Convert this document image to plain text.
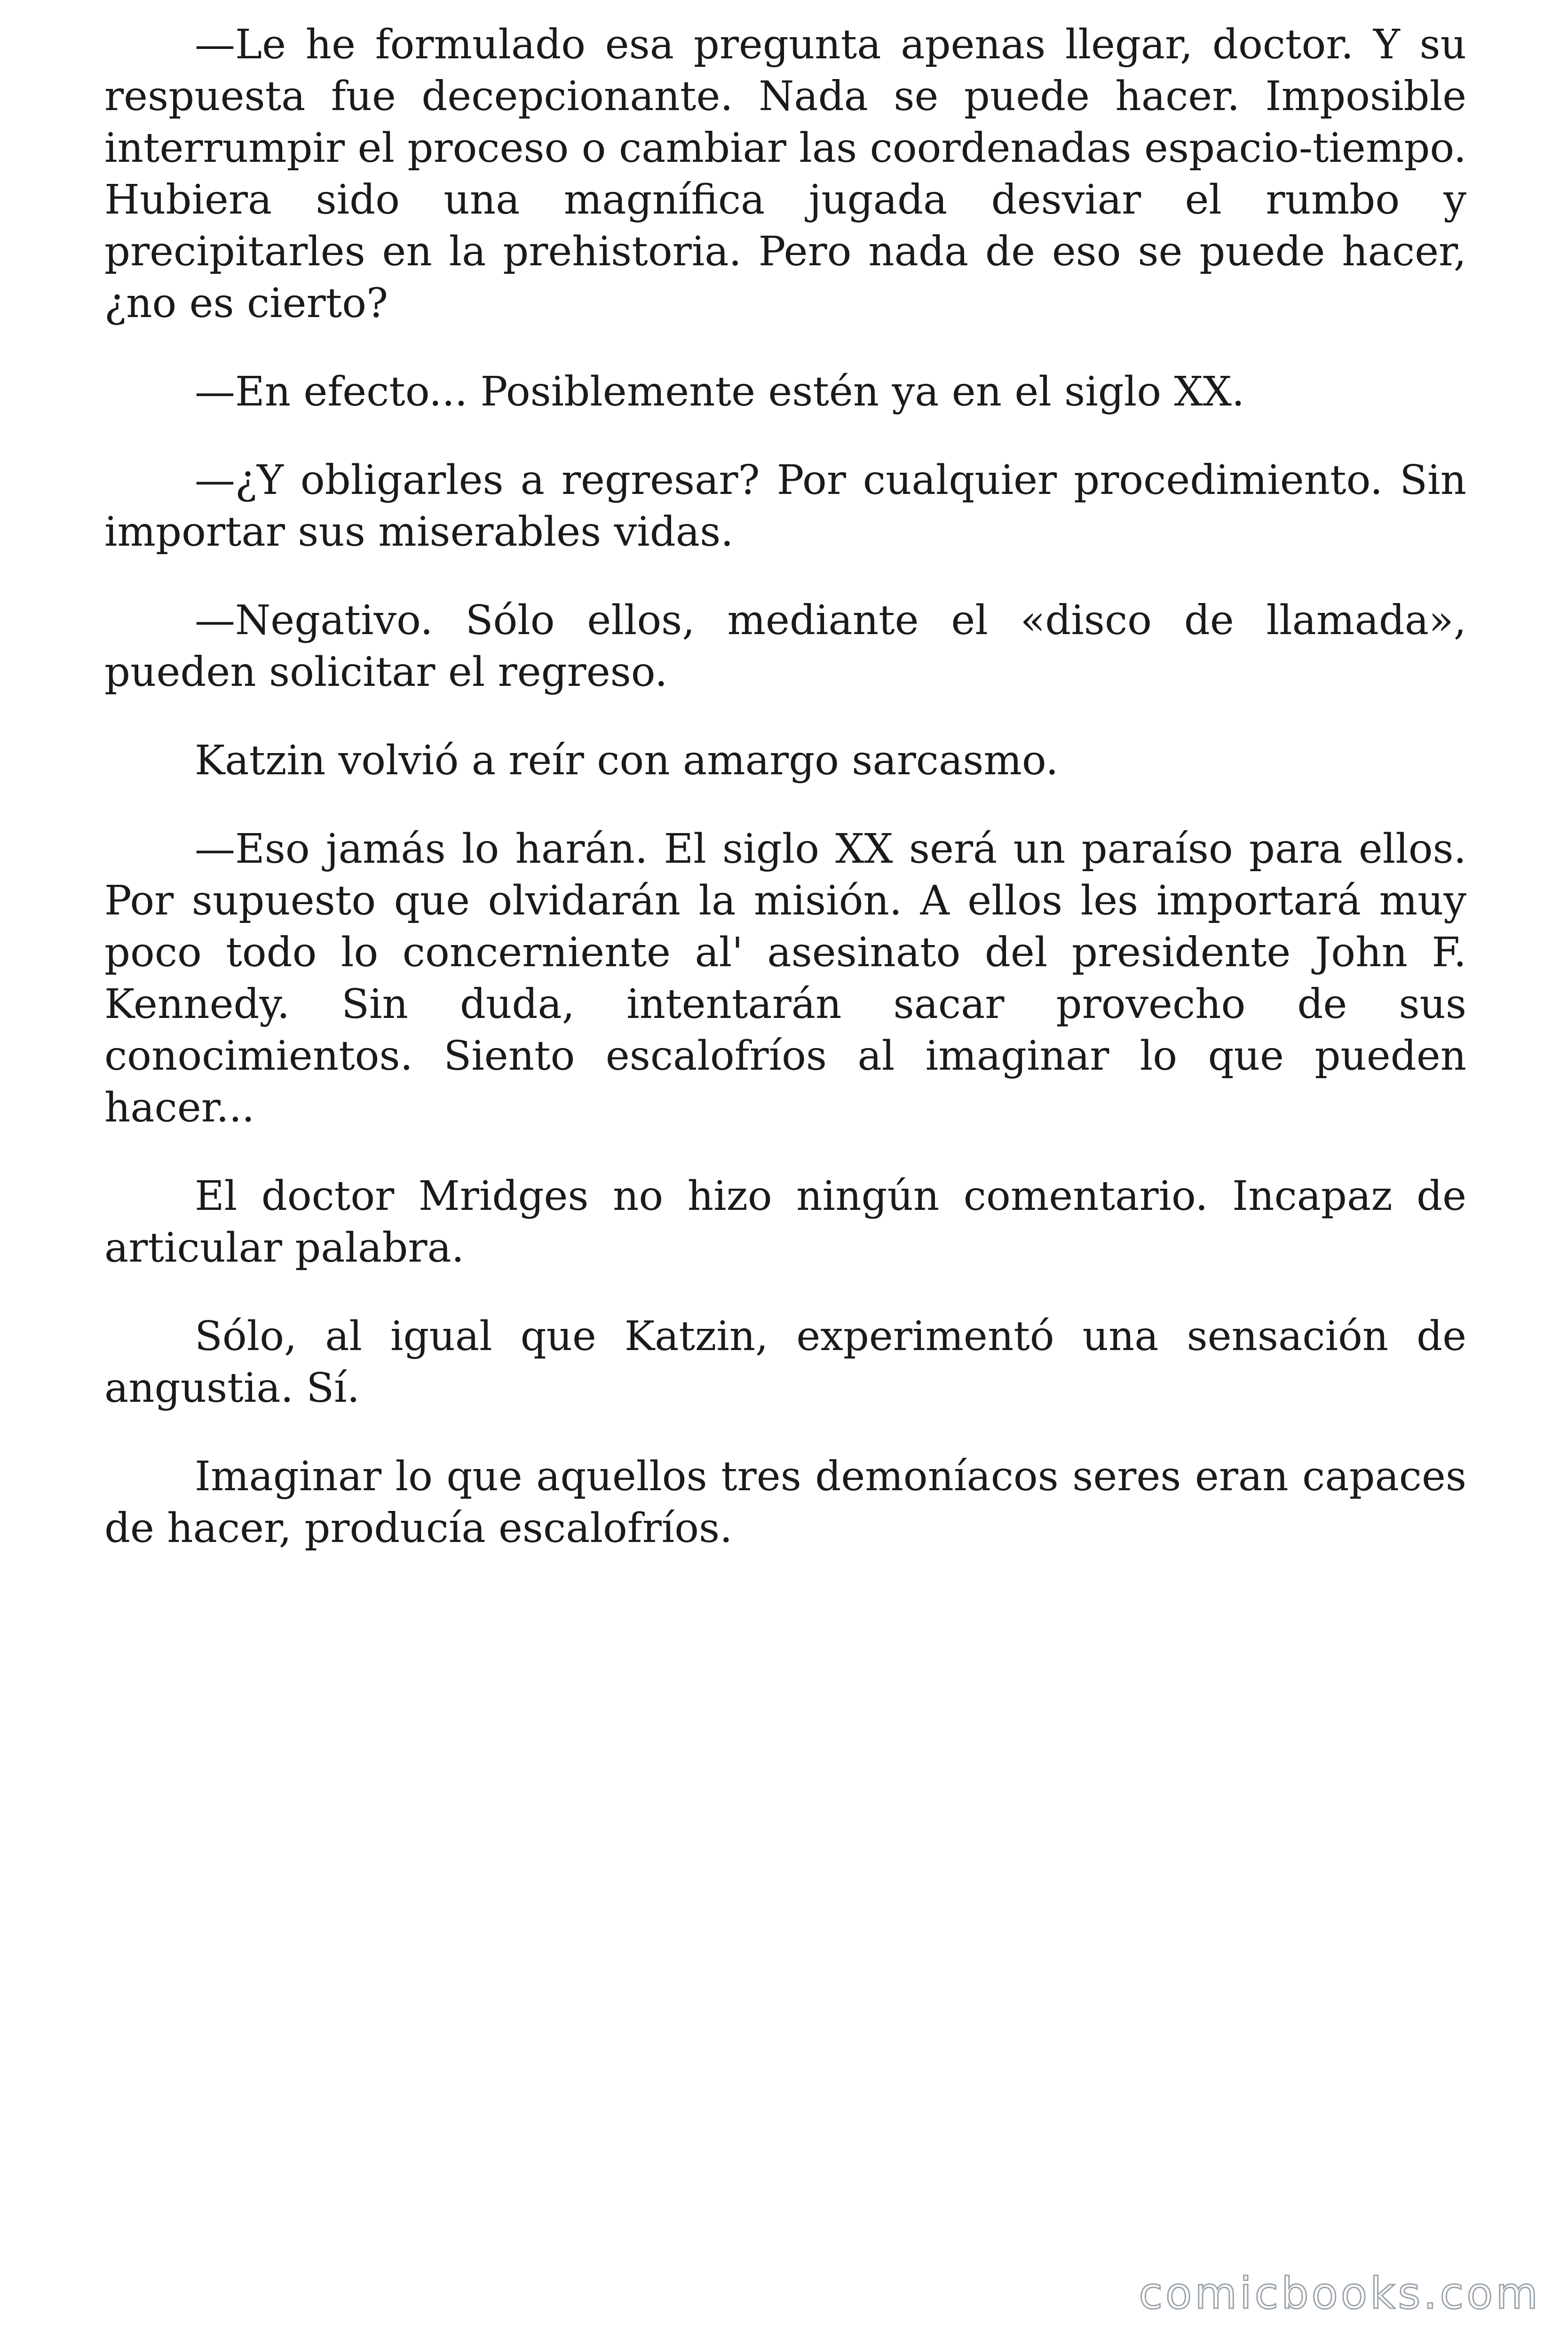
—Le he formulado esa pregunta apenas llegar, doctor. Y su respuesta fue decepcionante. Nada se puede hacer. Imposible interrumpir el proceso o cambiar las coordenadas espacio-tiempo. Hubiera sido una magnífica jugada desviar el rumbo y precipitarles en la prehistoria. Pero nada de eso se puede hacer, ¿no es cierto?

—En efecto... Posiblemente estén ya en el siglo XX.

—¿Y obligarles a regresar? Por cualquier procedimiento. Sin importar sus miserables vidas.

—Negativo. Sólo ellos, mediante el «disco de llamada», pueden solicitar el regreso.

Katzin volvió a reír con amargo sarcasmo.

—Eso jamás lo harán. El siglo XX será un paraíso para ellos. Por supuesto que olvidarán la misión. A ellos les importará muy poco todo lo concerniente al' asesinato del presidente John F. Kennedy. Sin duda, intentarán sacar provecho de sus conocimientos. Siento escalofríos al imaginar lo que pueden hacer...

El doctor Mridges no hizo ningún comentario. Incapaz de articular palabra.

Sólo, al igual que Katzin, experimentó una sensación de angustia. Sí.

Imaginar lo que aquellos tres demoníacos seres eran capaces de hacer, producía escalofríos.

comicbooks.com
